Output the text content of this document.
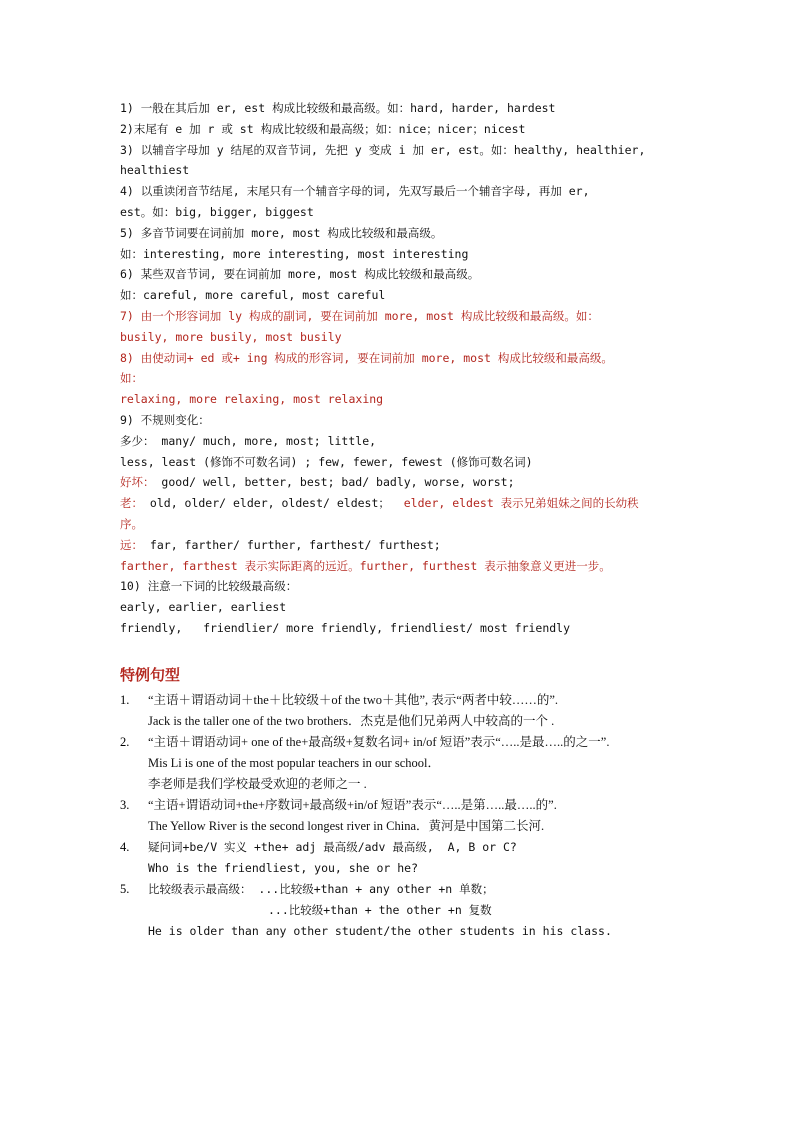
1) 一般在其后加 er, est 构成比较级和最高级。如：hard, harder, hardest

2)末尾有 e 加 r 或 st 构成比较级和最高级；如：nice；nicer；nicest

3) 以辅音字母加 y 结尾的双音节词, 先把 y 变成 i 加 er, est。如：healthy, healthier,

healthiest

4) 以重读闭音节结尾, 末尾只有一个辅音字母的词, 先双写最后一个辅音字母, 再加 er,

est。如：big, bigger, biggest

5) 多音节词要在词前加 more, most 构成比较级和最高级。

如：interesting, more interesting, most interesting

6) 某些双音节词, 要在词前加 more, most 构成比较级和最高级。

如：careful, more careful, most careful

7) 由一个形容词加 ly 构成的副词, 要在词前加 more, most 构成比较级和最高级。如：

busily, more busily, most busily

8) 由使动词+ ed 或+ ing 构成的形容词, 要在词前加 more, most 构成比较级和最高级。

如：

relaxing, more relaxing, most relaxing

9) 不规则变化：

多少： many/ much, more, most; little,

less, least (修饰不可数名词) ; few, fewer, fewest (修饰可数名词)

好坏： good/ well, better, best; bad/ badly, worse, worst;

老： old, older/ elder, oldest/ eldest；  elder, eldest 表示兄弟姐妹之间的长幼秩

序。

远： far, farther/ further, farthest/ furthest;

farther, farthest 表示实际距离的远近。further, furthest 表示抽象意义更进一步。

10) 注意一下词的比较级最高级：

early, earlier, earliest

friendly,   friendlier/ more friendly, friendliest/ most friendly

特例句型
1. “主语＋谓语动词＋the＋比较级＋of the two＋其他”, 表示“两者中较……的”.

Jack is the taller one of the two brothers．杰克是他们兄弟两人中较高的一个 .

2. “主语＋谓语动词+ one of the+最高级+复数名词+ in/of 短语”表示“…..是最…..的之一”.

Mis Li is one of the most popular teachers in our school．

李老师是我们学校最受欢迎的老师之一 .

3. “主语+谓语动词+the+序数词+最高级+in/of 短语”表示“…..是第…..最…..的”.

The Yellow River is the second longest river in China．黄河是中国第二长河.

4. 疑问词+be/V 实义 +the+ adj 最高级/adv 最高级,  A, B or C?

Who is the friendliest, you, she or he?

5. 比较级表示最高级： ...比较级+than + any other +n 单数；

...比较级+than + the other +n 复数

He is older than any other student/the other students in his class.
